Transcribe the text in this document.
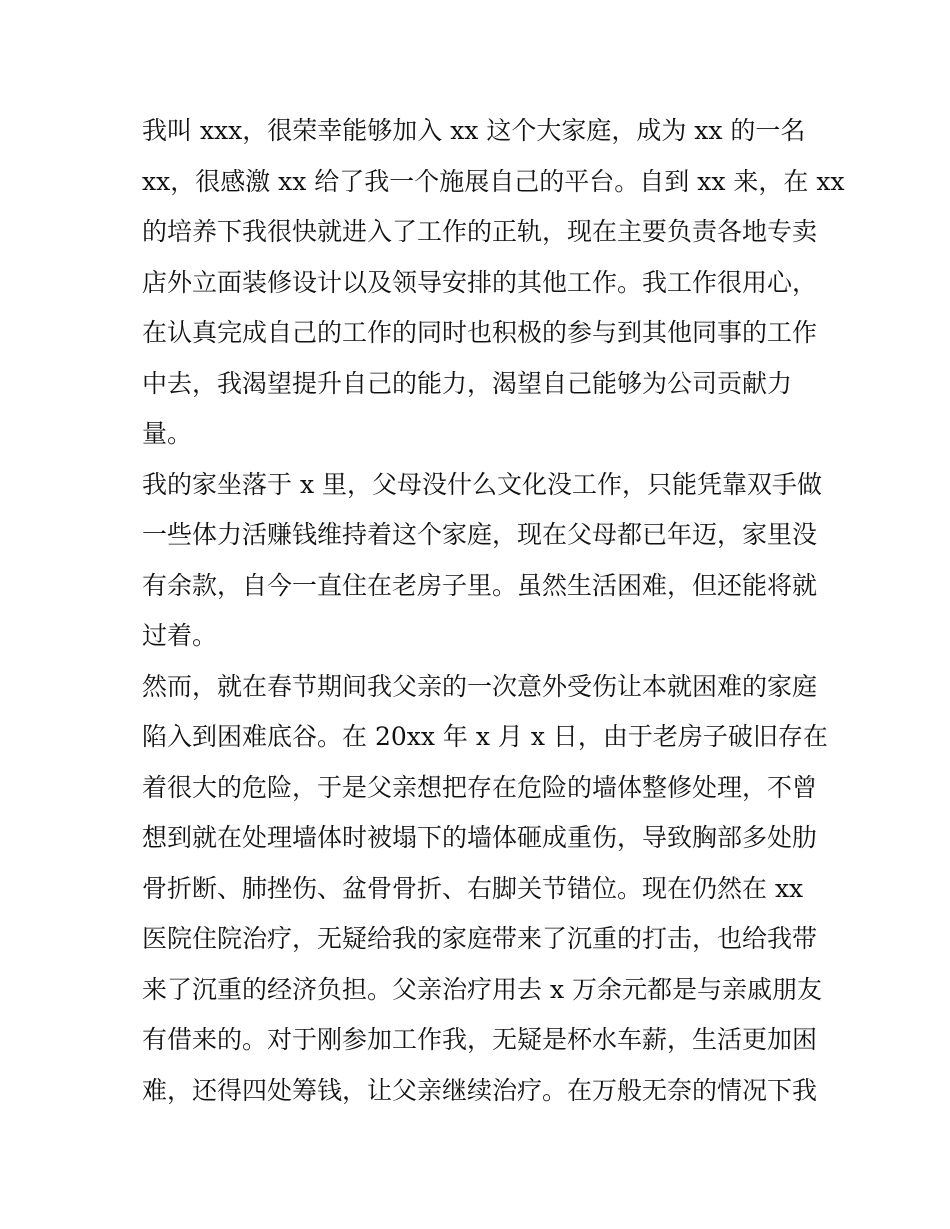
我叫 xxx，很荣幸能够加入 xx 这个大家庭，成为 xx 的一名
xx，很感激 xx 给了我一个施展自己的平台。自到 xx 来，在 xx
的培养下我很快就进入了工作的正轨，现在主要负责各地专卖
店外立面装修设计以及领导安排的其他工作。我工作很用心，
在认真完成自己的工作的同时也积极的参与到其他同事的工作
中去，我渴望提升自己的能力，渴望自己能够为公司贡献力
量。
我的家坐落于 x 里，父母没什么文化没工作，只能凭靠双手做
一些体力活赚钱维持着这个家庭，现在父母都已年迈，家里没
有余款，自今一直住在老房子里。虽然生活困难，但还能将就
过着。
然而，就在春节期间我父亲的一次意外受伤让本就困难的家庭
陷入到困难底谷。在 20xx 年 x 月 x 日，由于老房子破旧存在
着很大的危险，于是父亲想把存在危险的墙体整修处理，不曾
想到就在处理墙体时被塌下的墙体砸成重伤，导致胸部多处肋
骨折断、肺挫伤、盆骨骨折、右脚关节错位。现在仍然在 xx
医院住院治疗，无疑给我的家庭带来了沉重的打击，也给我带
来了沉重的经济负担。父亲治疗用去 x 万余元都是与亲戚朋友
有借来的。对于刚参加工作我，无疑是杯水车薪，生活更加困
难，还得四处筹钱，让父亲继续治疗。在万般无奈的情况下我
